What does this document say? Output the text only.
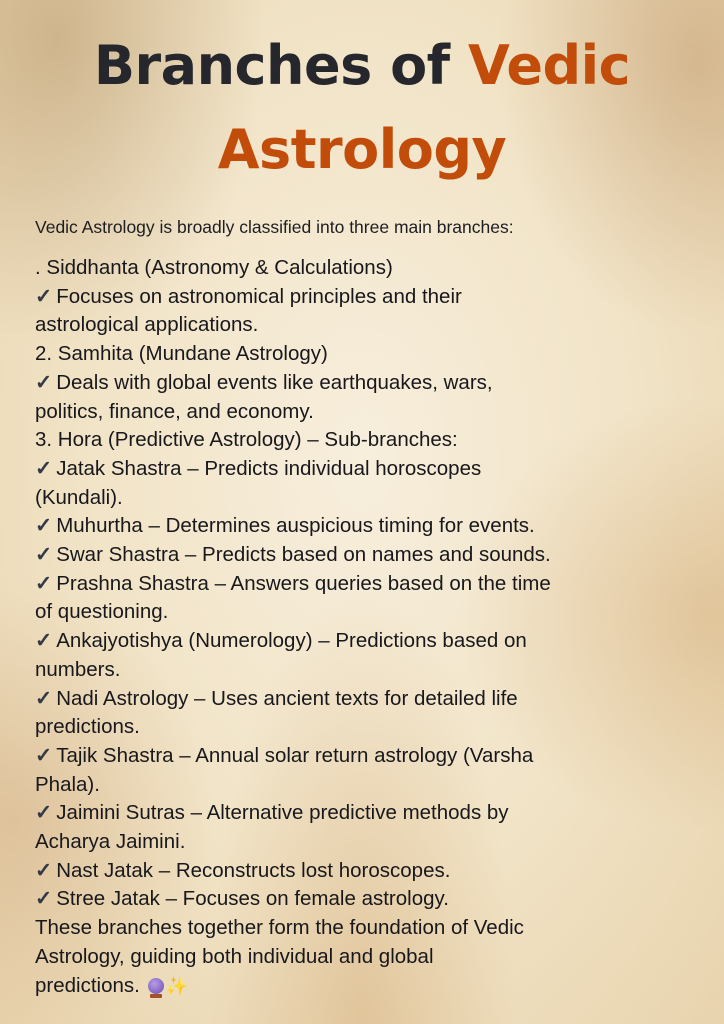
Branches of Vedic
Astrology
Vedic Astrology is broadly classified into three main branches:
. Siddhanta (Astronomy & Calculations)
✓ Focuses on astronomical principles and their
astrological applications.
2. Samhita (Mundane Astrology)
✓ Deals with global events like earthquakes, wars,
politics, finance, and economy.
3. Hora (Predictive Astrology) – Sub-branches:
✓ Jatak Shastra – Predicts individual horoscopes
(Kundali).
✓ Muhurtha – Determines auspicious timing for events.
✓ Swar Shastra – Predicts based on names and sounds.
✓ Prashna Shastra – Answers queries based on the time
of questioning.
✓ Ankajyotishya (Numerology) – Predictions based on
numbers.
✓ Nadi Astrology – Uses ancient texts for detailed life
predictions.
✓ Tajik Shastra – Annual solar return astrology (Varsha
Phala).
✓ Jaimini Sutras – Alternative predictive methods by
Acharya Jaimini.
✓ Nast Jatak – Reconstructs lost horoscopes.
✓ Stree Jatak – Focuses on female astrology.
These branches together form the foundation of Vedic
Astrology, guiding both individual and global
predictions. ✨
